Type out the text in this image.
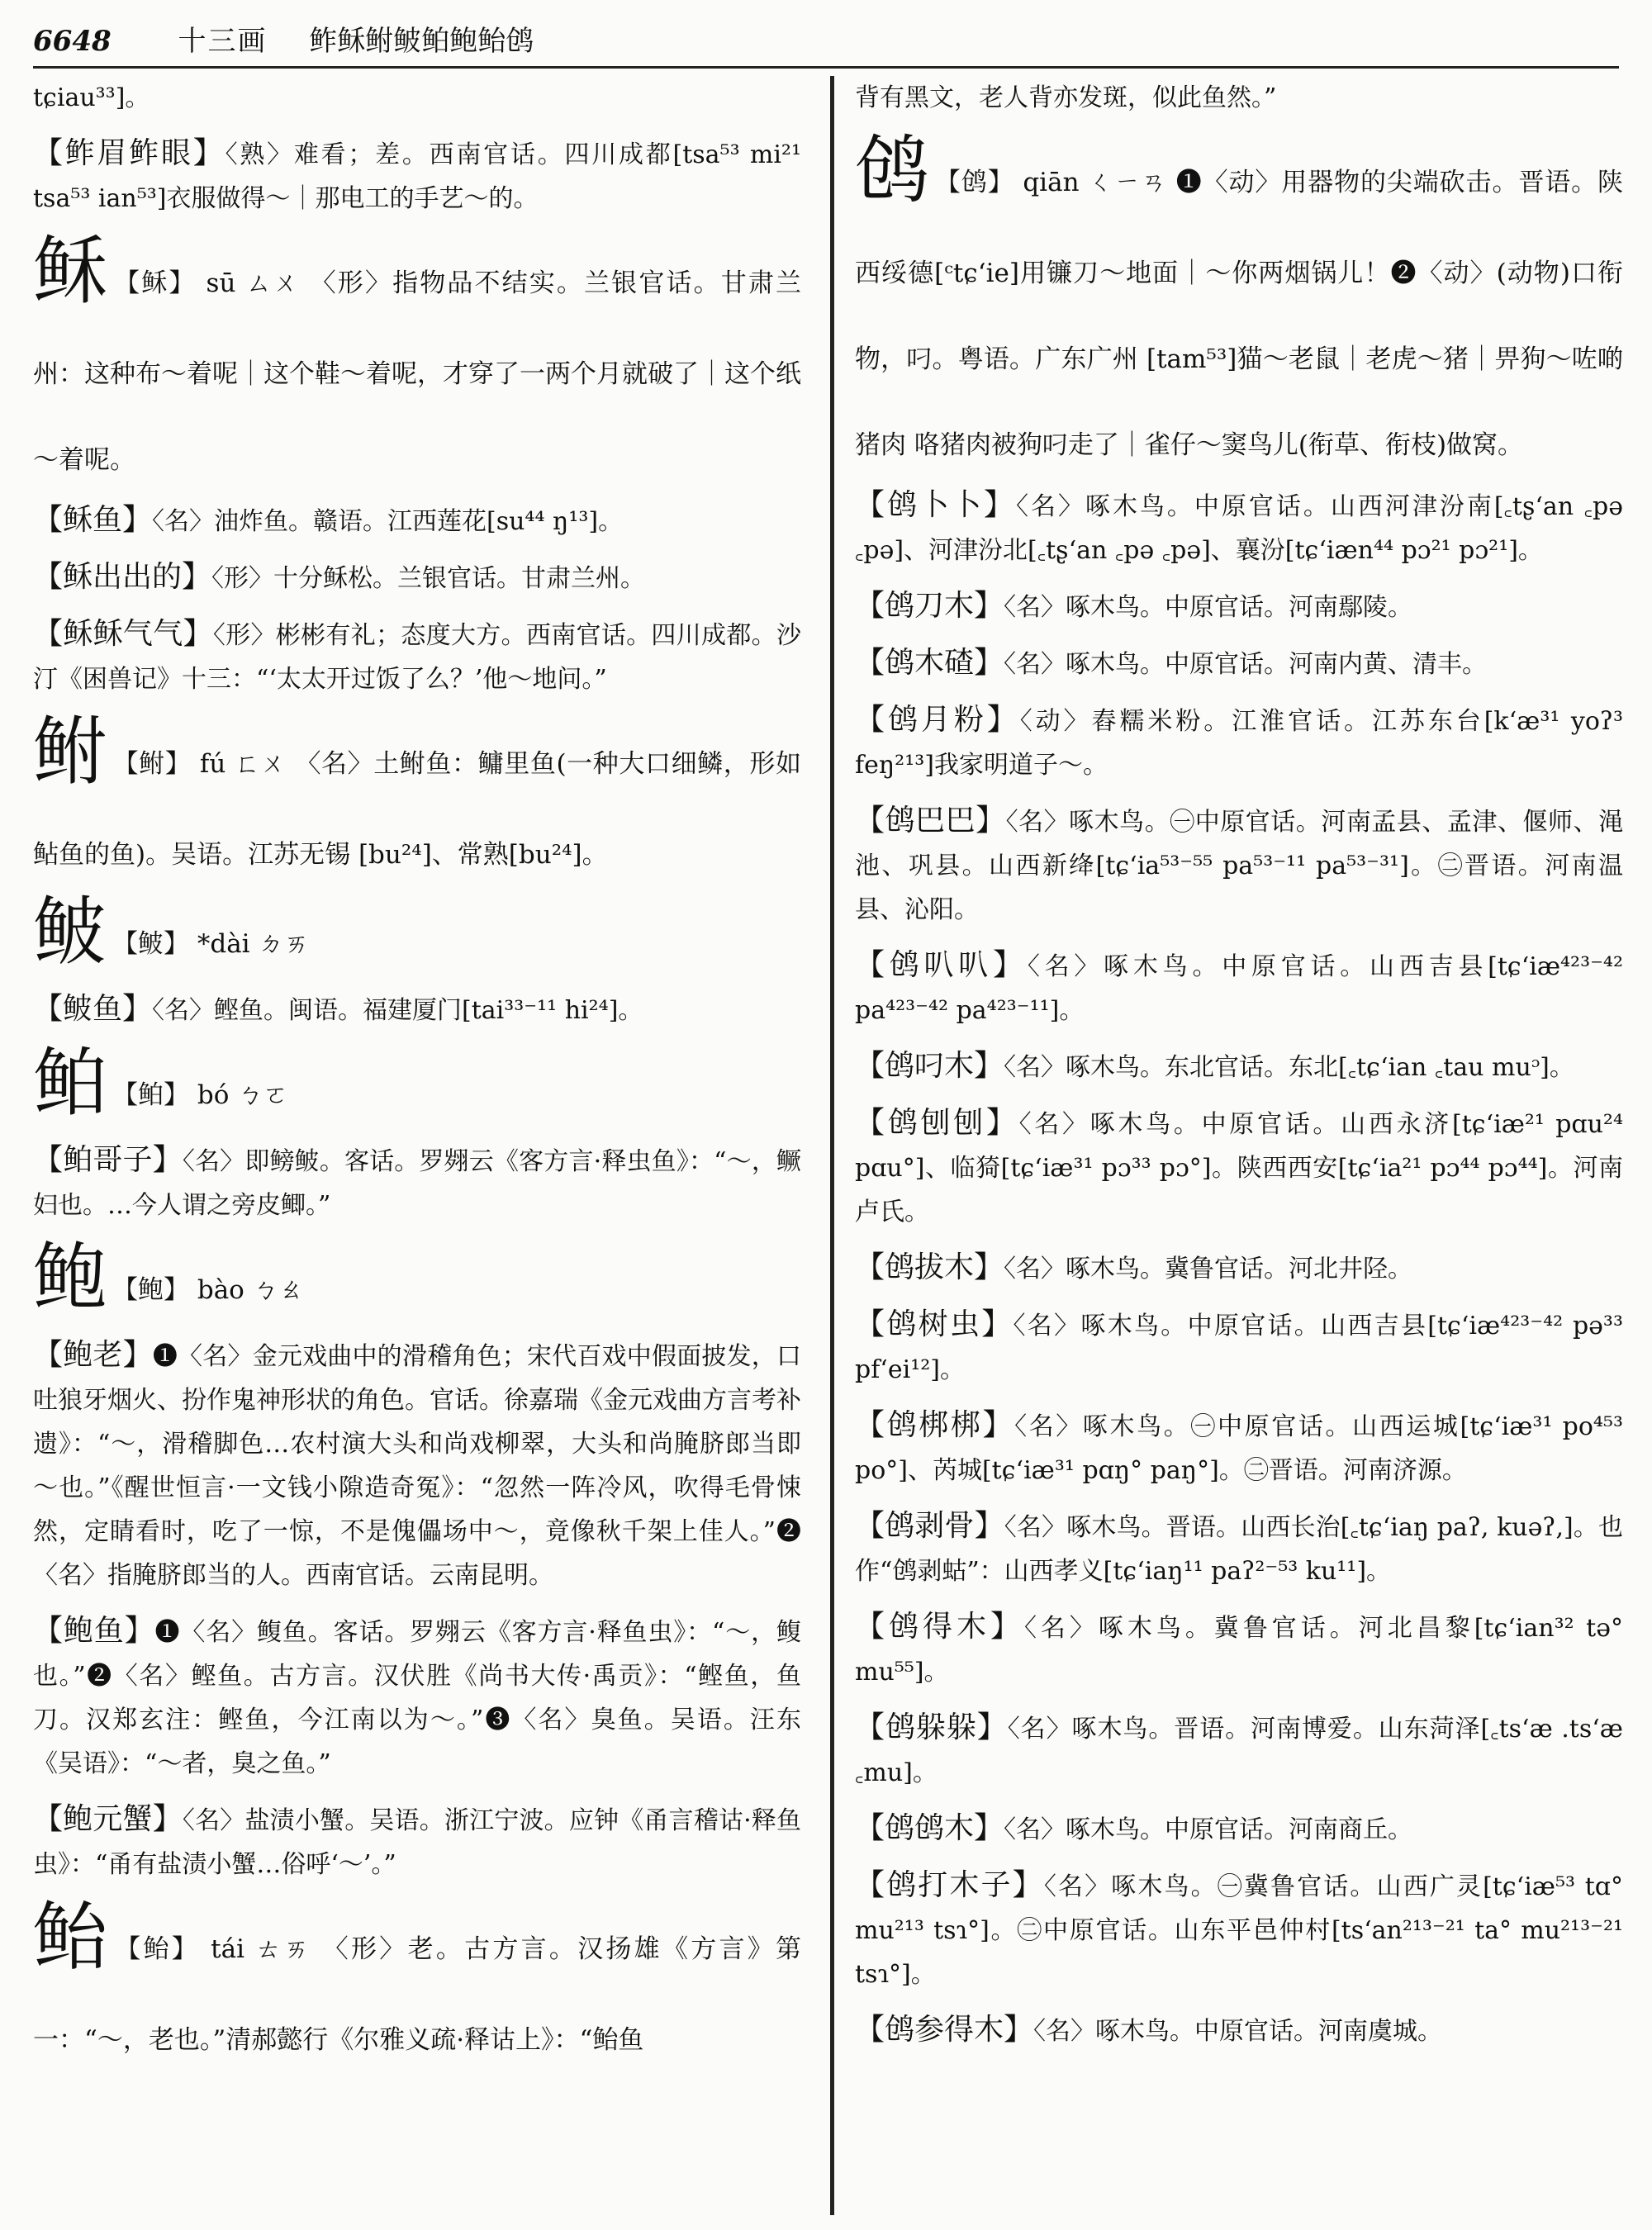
6648 十三画 鲊稣鲋鲏鲌鲍鲐鸧
tɕiau³³]。
【鲊眉鲊眼】〈熟〉难看；差。西南官话。四川成都[tsa⁵³ mi²¹ tsa⁵³ ian⁵³]衣服做得～｜那电工的手艺～的。
稣 【稣】 sū ㄙㄨ 〈形〉指物品不结实。兰银官话。甘肃兰州：这种布～着呢｜这个鞋～着呢，才穿了一两个月就破了｜这个纸～着呢。
【稣鱼】〈名〉油炸鱼。赣语。江西莲花[su⁴⁴ ŋ¹³]。
【稣出出的】〈形〉十分稣松。兰银官话。甘肃兰州。
【稣稣气气】〈形〉彬彬有礼；态度大方。西南官话。四川成都。沙汀《困兽记》十三：“‘太太开过饭了么？’他～地问。”
鲋 【鲋】 fú ㄈㄨ 〈名〉土鲋鱼：鳙里鱼(一种大口细鳞，形如鲇鱼的鱼)。吴语。江苏无锡 [bu²⁴]、常熟[bu²⁴]。
鲏 【鲏】 *dài ㄉㄞ
【鲏鱼】〈名〉鲣鱼。闽语。福建厦门[tai³³⁻¹¹ hi²⁴]。
鲌 【鲌】 bó ㄅㄛ
【鲌哥子】〈名〉即鳑鲏。客话。罗翙云《客方言·释虫鱼》：“～，鳜妇也。…今人谓之旁皮鲫。”
鲍 【鲍】 bào ㄅㄠ
【鲍老】❶〈名〉金元戏曲中的滑稽角色；宋代百戏中假面披发，口吐狼牙烟火、扮作鬼神形状的角色。官话。徐嘉瑞《金元戏曲方言考补遗》：“～，滑稽脚色…农村演大头和尚戏柳翠，大头和尚腌脐郎当即～也。”《醒世恒言·一文钱小隙造奇冤》：“忽然一阵冷风，吹得毛骨悚然，定睛看时，吃了一惊，不是傀儡场中～，竟像秋千架上佳人。”❷〈名〉指腌脐郎当的人。西南官话。云南昆明。
【鲍鱼】❶〈名〉鳆鱼。客话。罗翙云《客方言·释鱼虫》：“～，鳆也。”❷〈名〉鲣鱼。古方言。汉伏胜《尚书大传·禹贡》：“鲣鱼，鱼刀。汉郑玄注：鲣鱼，今江南以为～。”❸〈名〉臭鱼。吴语。汪东《吴语》：“～者，臭之鱼。”
【鲍元蟹】〈名〉盐渍小蟹。吴语。浙江宁波。应钟《甬言稽诂·释鱼虫》：“甬有盐渍小蟹…俗呼‘～’。”
鲐 【鲐】 tái ㄊㄞ 〈形〉老。古方言。汉扬雄《方言》第一：“～，老也。”清郝懿行《尔雅义疏·释诂上》：“鲐鱼
背有黑文，老人背亦发斑，似此鱼然。”
鸧 【鸧】 qiān ㄑㄧㄢ ❶〈动〉用器物的尖端砍击。晋语。陕西绥德[ᶜtɕʻie]用镰刀～地面｜～你两烟锅儿！❷〈动〉(动物)口衔物，叼。粤语。广东广州 [tam⁵³]猫～老鼠｜老虎～猪｜畀狗～咗啲猪肉 咯猪肉被狗叼走了｜雀仔～窦鸟儿(衔草、衔枝)做窝。
【鸧卜卜】〈名〉啄木鸟。中原官话。山西河津汾南[꜀tʂʻan ꜀pə ꜀pə]、河津汾北[꜀tʂʻan ꜀pə ꜀pə]、襄汾[tɕʻiæn⁴⁴ pɔ²¹ pɔ²¹]。
【鸧刀木】〈名〉啄木鸟。中原官话。河南鄢陵。
【鸧木碴】〈名〉啄木鸟。中原官话。河南内黄、清丰。
【鸧月粉】〈动〉舂糯米粉。江淮官话。江苏东台[kʻæ³¹ yoʔ³ feŋ²¹³]我家明道子～。
【鸧巴巴】〈名〉啄木鸟。㊀中原官话。河南孟县、孟津、偃师、渑池、巩县。山西新绛[tɕʻia⁵³⁻⁵⁵ pa⁵³⁻¹¹ pa⁵³⁻³¹]。㊁晋语。河南温县、沁阳。
【鸧叭叭】〈名〉啄木鸟。中原官话。山西吉县[tɕʻiæ⁴²³⁻⁴² pa⁴²³⁻⁴² pa⁴²³⁻¹¹]。
【鸧叼木】〈名〉啄木鸟。东北官话。东北[꜀tɕʻian ꜀tau muᵓ]。
【鸧刨刨】〈名〉啄木鸟。中原官话。山西永济[tɕʻiæ²¹ pɑu²⁴ pɑu°]、临猗[tɕʻiæ³¹ pɔ³³ pɔ°]。陕西西安[tɕʻia²¹ pɔ⁴⁴ pɔ⁴⁴]。河南卢氏。
【鸧拔木】〈名〉啄木鸟。冀鲁官话。河北井陉。
【鸧树虫】〈名〉啄木鸟。中原官话。山西吉县[tɕʻiæ⁴²³⁻⁴² pə³³ pfʻei¹²]。
【鸧梆梆】〈名〉啄木鸟。㊀中原官话。山西运城[tɕʻiæ³¹ po⁴⁵³ po°]、芮城[tɕʻiæ³¹ pɑŋ° paŋ°]。㊁晋语。河南济源。
【鸧剥骨】〈名〉啄木鸟。晋语。山西长治[꜀tɕʻiaŋ paʔ, kuəʔ,]。也作“鸧剥蛄”：山西孝义[tɕʻiaŋ¹¹ paʔ²⁻⁵³ ku¹¹]。
【鸧得木】〈名〉啄木鸟。冀鲁官话。河北昌黎[tɕʻian³² tə° mu⁵⁵]。
【鸧躲躲】〈名〉啄木鸟。晋语。河南博爱。山东菏泽[꜀tsʻæ .tsʻæ ꜀mu]。
【鸧鸧木】〈名〉啄木鸟。中原官话。河南商丘。
【鸧打木子】〈名〉啄木鸟。㊀冀鲁官话。山西广灵[tɕʻiæ⁵³ tɑ° mu²¹³ tsɿ°]。㊁中原官话。山东平邑仲村[tsʻan²¹³⁻²¹ ta° mu²¹³⁻²¹ tsɿ°]。
【鸧参得木】〈名〉啄木鸟。中原官话。河南虞城。
